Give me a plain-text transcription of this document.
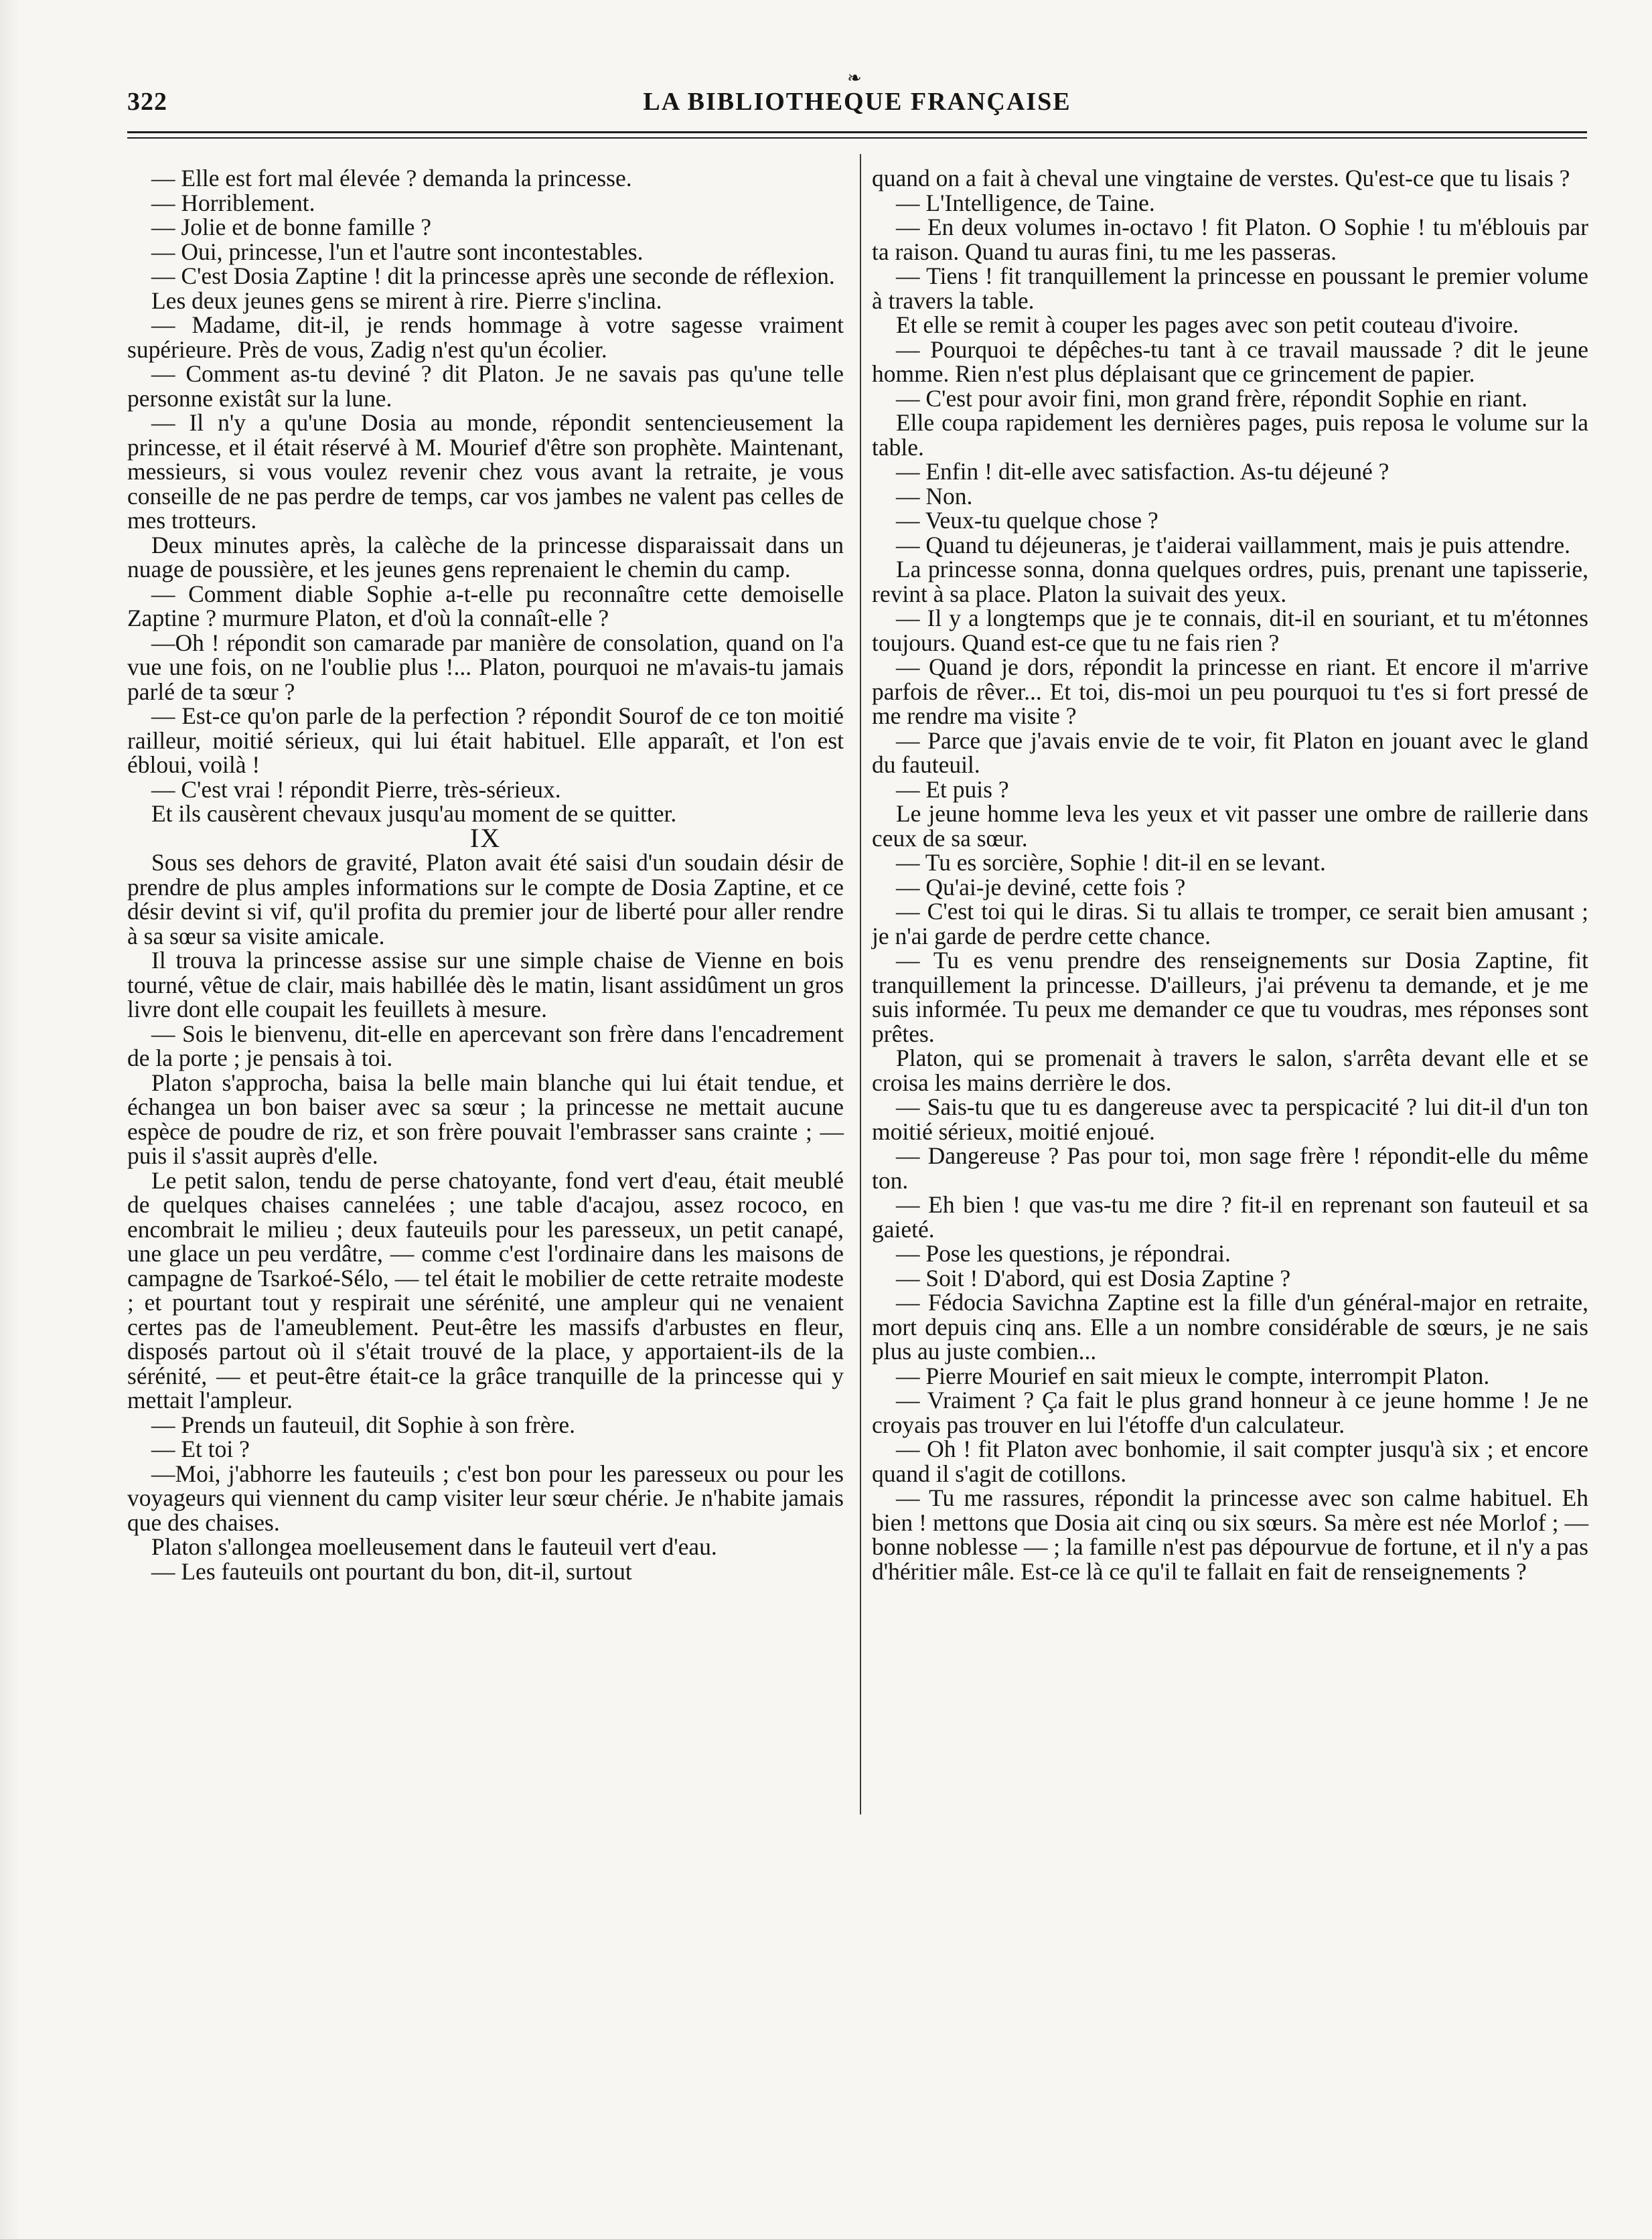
❧
322	LA BIBLIOTHEQUE FRANÇAISE

— Elle est fort mal élevée ? demanda la princesse.

— Horriblement.

— Jolie et de bonne famille ?

— Oui, princesse, l'un et l'autre sont incontestables.

— C'est Dosia Zaptine ! dit la princesse après une seconde de réflexion.

Les deux jeunes gens se mirent à rire. Pierre s'inclina.

— Madame, dit-il, je rends hommage à votre sagesse vraiment supérieure. Près de vous, Zadig n'est qu'un écolier.

— Comment as-tu deviné ? dit Platon. Je ne savais pas qu'une telle personne existât sur la lune.

— Il n'y a qu'une Dosia au monde, répondit sentencieusement la princesse, et il était réservé à M. Mourief d'être son prophète. Maintenant, messieurs, si vous voulez revenir chez vous avant la retraite, je vous conseille de ne pas perdre de temps, car vos jambes ne valent pas celles de mes trotteurs.

Deux minutes après, la calèche de la princesse disparaissait dans un nuage de poussière, et les jeunes gens reprenaient le chemin du camp.

— Comment diable Sophie a-t-elle pu reconnaître cette demoiselle Zaptine ? murmure Platon, et d'où la connaît-elle ?

—Oh ! répondit son camarade par manière de consolation, quand on l'a vue une fois, on ne l'oublie plus !... Platon, pourquoi ne m'avais-tu jamais parlé de ta sœur ?

— Est-ce qu'on parle de la perfection ? répondit Sourof de ce ton moitié railleur, moitié sérieux, qui lui était habituel. Elle apparaît, et l'on est ébloui, voilà !

— C'est vrai ! répondit Pierre, très-sérieux.

Et ils causèrent chevaux jusqu'au moment de se quitter.

IX

Sous ses dehors de gravité, Platon avait été saisi d'un soudain désir de prendre de plus amples informations sur le compte de Dosia Zaptine, et ce désir devint si vif, qu'il profita du premier jour de liberté pour aller rendre à sa sœur sa visite amicale.

Il trouva la princesse assise sur une simple chaise de Vienne en bois tourné, vêtue de clair, mais habillée dès le matin, lisant assidûment un gros livre dont elle coupait les feuillets à mesure.

— Sois le bienvenu, dit-elle en apercevant son frère dans l'encadrement de la porte ; je pensais à toi.

Platon s'approcha, baisa la belle main blanche qui lui était tendue, et échangea un bon baiser avec sa sœur ; la princesse ne mettait aucune espèce de poudre de riz, et son frère pouvait l'embrasser sans crainte ; — puis il s'assit auprès d'elle.

Le petit salon, tendu de perse chatoyante, fond vert d'eau, était meublé de quelques chaises cannelées ; une table d'acajou, assez rococo, en encombrait le milieu ; deux fauteuils pour les paresseux, un petit canapé, une glace un peu verdâtre, — comme c'est l'ordinaire dans les maisons de campagne de Tsarkoé-Sélo, — tel était le mobilier de cette retraite modeste ; et pourtant tout y respirait une sérénité, une ampleur qui ne venaient certes pas de l'ameublement. Peut-être les massifs d'arbustes en fleur, disposés partout où il s'était trouvé de la place, y apportaient-ils de la sérénité, — et peut-être était-ce la grâce tranquille de la princesse qui y mettait l'ampleur.

— Prends un fauteuil, dit Sophie à son frère.

— Et toi ?

—Moi, j'abhorre les fauteuils ; c'est bon pour les paresseux ou pour les voyageurs qui viennent du camp visiter leur sœur chérie. Je n'habite jamais que des chaises.

Platon s'allongea moelleusement dans le fauteuil vert d'eau.

— Les fauteuils ont pourtant du bon, dit-il, surtout

quand on a fait à cheval une vingtaine de verstes. Qu'est-ce que tu lisais ?

— L'Intelligence, de Taine.

— En deux volumes in-octavo ! fit Platon. O Sophie ! tu m'éblouis par ta raison. Quand tu auras fini, tu me les passeras.

— Tiens ! fit tranquillement la princesse en poussant le premier volume à travers la table.

Et elle se remit à couper les pages avec son petit couteau d'ivoire.

— Pourquoi te dépêches-tu tant à ce travail maussade ? dit le jeune homme. Rien n'est plus déplaisant que ce grincement de papier.

— C'est pour avoir fini, mon grand frère, répondit Sophie en riant.

Elle coupa rapidement les dernières pages, puis reposa le volume sur la table.

— Enfin ! dit-elle avec satisfaction. As-tu déjeuné ?

— Non.

— Veux-tu quelque chose ?

— Quand tu déjeuneras, je t'aiderai vaillamment, mais je puis attendre.

La princesse sonna, donna quelques ordres, puis, prenant une tapisserie, revint à sa place. Platon la suivait des yeux.

— Il y a longtemps que je te connais, dit-il en souriant, et tu m'étonnes toujours. Quand est-ce que tu ne fais rien ?

— Quand je dors, répondit la princesse en riant. Et encore il m'arrive parfois de rêver... Et toi, dis-moi un peu pourquoi tu t'es si fort pressé de me rendre ma visite ?

— Parce que j'avais envie de te voir, fit Platon en jouant avec le gland du fauteuil.

— Et puis ?

Le jeune homme leva les yeux et vit passer une ombre de raillerie dans ceux de sa sœur.

— Tu es sorcière, Sophie ! dit-il en se levant.

— Qu'ai-je deviné, cette fois ?

— C'est toi qui le diras. Si tu allais te tromper, ce serait bien amusant ; je n'ai garde de perdre cette chance.

— Tu es venu prendre des renseignements sur Dosia Zaptine, fit tranquillement la princesse. D'ailleurs, j'ai prévenu ta demande, et je me suis informée. Tu peux me demander ce que tu voudras, mes réponses sont prêtes.

Platon, qui se promenait à travers le salon, s'arrêta devant elle et se croisa les mains derrière le dos.

— Sais-tu que tu es dangereuse avec ta perspicacité ? lui dit-il d'un ton moitié sérieux, moitié enjoué.

— Dangereuse ? Pas pour toi, mon sage frère ! répondit-elle du même ton.

— Eh bien ! que vas-tu me dire ? fit-il en reprenant son fauteuil et sa gaieté.

— Pose les questions, je répondrai.

— Soit ! D'abord, qui est Dosia Zaptine ?

— Fédocia Savichna Zaptine est la fille d'un général-major en retraite, mort depuis cinq ans. Elle a un nombre considérable de sœurs, je ne sais plus au juste combien...

— Pierre Mourief en sait mieux le compte, interrompit Platon.

— Vraiment ? Ça fait le plus grand honneur à ce jeune homme ! Je ne croyais pas trouver en lui l'étoffe d'un calculateur.

— Oh ! fit Platon avec bonhomie, il sait compter jusqu'à six ; et encore quand il s'agit de cotillons.

— Tu me rassures, répondit la princesse avec son calme habituel. Eh bien ! mettons que Dosia ait cinq ou six sœurs. Sa mère est née Morlof ; — bonne noblesse — ; la famille n'est pas dépourvue de fortune, et il n'y a pas d'héritier mâle. Est-ce là ce qu'il te fallait en fait de renseignements ?
